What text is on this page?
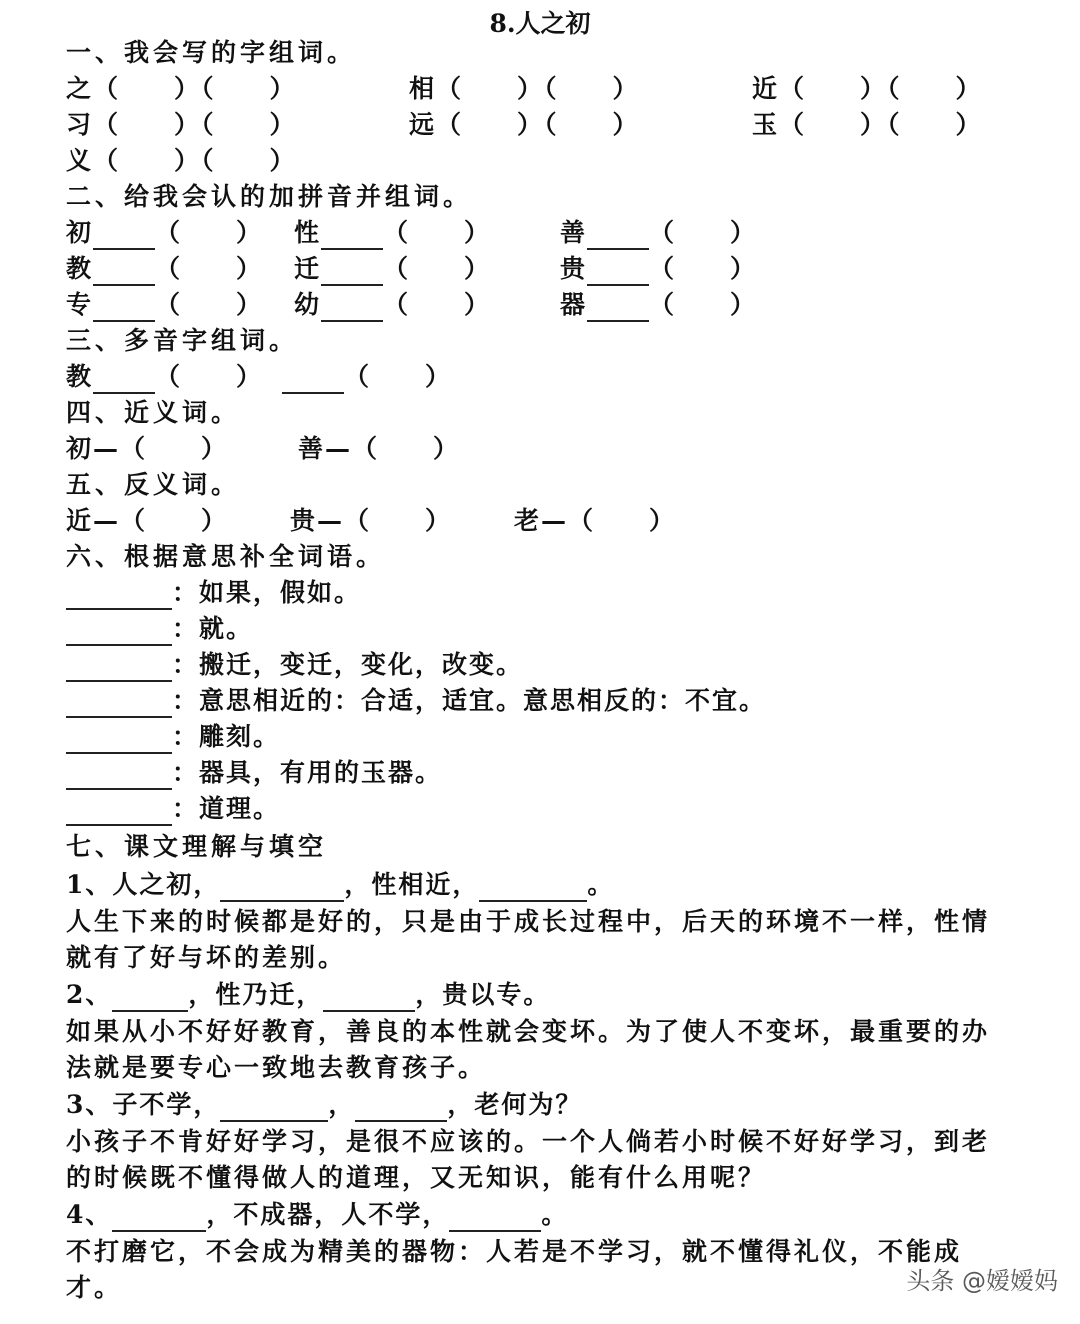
8.人之初
一、我会写的字组词。
之（  ）（  ）	相（  ）（  ）	近（  ）（  ）
习（  ）（  ）	远（  ）（  ）	玉（  ）（  ）
义（  ）（  ）
二、给我会认的加拼音并组词。
初 （  ） 性 （  ）	善 （  ）
教 （  ） 迁 （  ）	贵 （  ）
专 （  ） 幼 （  ）	器 （  ）
三、多音字组词。
教 （  ）	（  ）
四、近义词。
初—（  ）	善—（  ）
五、反义词。
近—（  ） 贵—（  ） 老—（  ）
六、根据意思补全词语。
：如果，假如。
：就。
：搬迁，变迁，变化，改变。
：意思相近的：合适，适宜。意思相反的：不宜。
：雕刻。
：器具，有用的玉器。
：道理。
七、课文理解与填空
1、人之初，	，性相近，	。
人生下来的时候都是好的，只是由于成长过程中，后天的环境不一样，性情就有了好与坏的差别。
2、	，性乃迁，	，贵以专。
如果从小不好好教育，善良的本性就会变坏。为了使人不变坏，最重要的办法就是要专心一致地去教育孩子。
3、子不学，	，	，老何为？
小孩子不肯好好学习，是很不应该的。一个人倘若小时候不好好学习，到老的时候既不懂得做人的道理，又无知识，能有什么用呢？
4、	，不成器，人不学，	。
不打磨它，不会成为精美的器物：人若是不学习，就不懂得礼仪，不能成才。	头条 @嫒嫒妈
